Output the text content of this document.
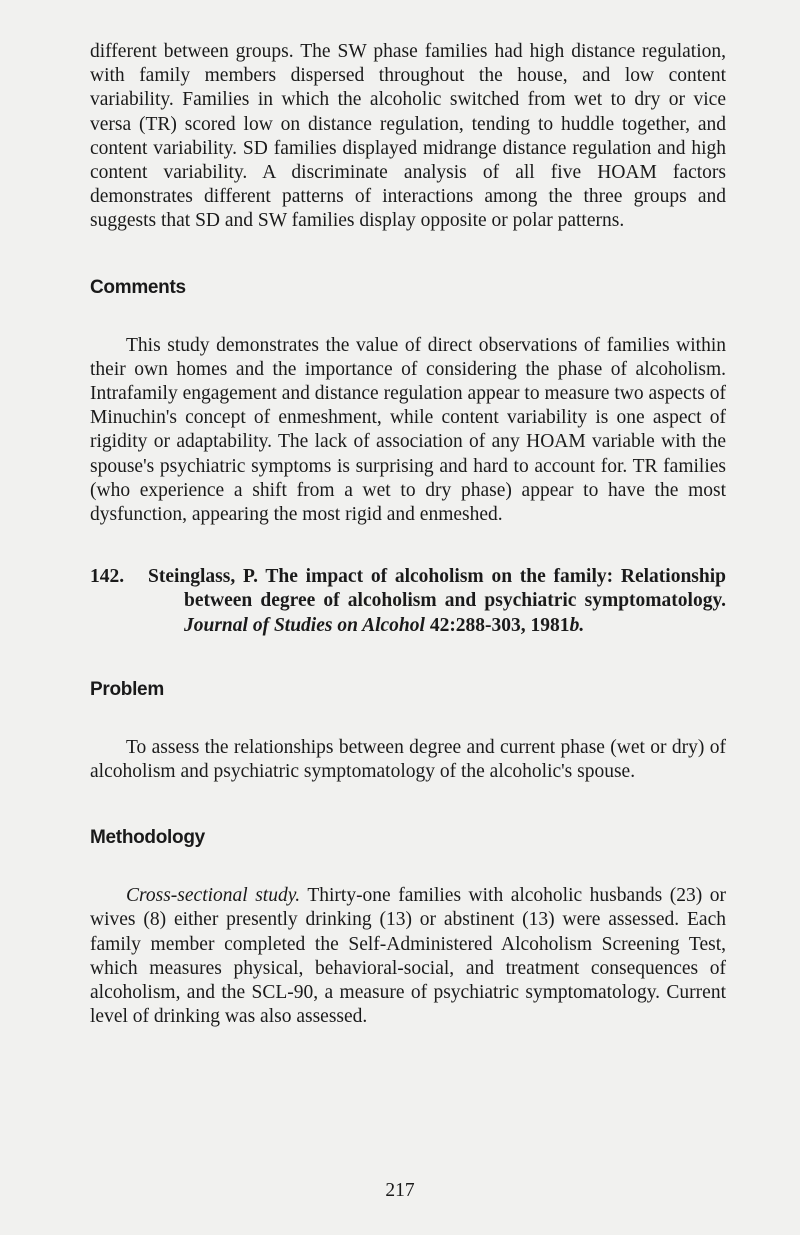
different between groups. The SW phase families had high distance regulation, with family members dispersed throughout the house, and low content variability. Families in which the alcoholic switched from wet to dry or vice versa (TR) scored low on distance regulation, tending to huddle together, and content variability. SD families displayed midrange distance regulation and high content variability. A discriminate analysis of all five HOAM factors demonstrates different patterns of interactions among the three groups and suggests that SD and SW families display opposite or polar patterns.

Comments

This study demonstrates the value of direct observations of families within their own homes and the importance of considering the phase of alcoholism. Intrafamily engagement and distance regulation appear to measure two aspects of Minuchin's concept of enmeshment, while content variability is one aspect of rigidity or adaptability. The lack of association of any HOAM variable with the spouse's psychiatric symptoms is surprising and hard to account for. TR families (who experience a shift from a wet to dry phase) appear to have the most dysfunction, appearing the most rigid and enmeshed.

142.	Steinglass, P. The impact of alcoholism on the family: Relationship between degree of alcoholism and psychiatric symptomatology. Journal of Studies on Alcohol 42:288-303, 1981b.
Problem

To assess the relationships between degree and current phase (wet or dry) of alcoholism and psychiatric symptomatology of the alcoholic's spouse.

Methodology

Cross-sectional study. Thirty-one families with alcoholic husbands (23) or wives (8) either presently drinking (13) or abstinent (13) were assessed. Each family member completed the Self-Administered Alcoholism Screening Test, which measures physical, behavioral-social, and treatment consequences of alcoholism, and the SCL-90, a measure of psychiatric symptomatology. Current level of drinking was also assessed.

217
